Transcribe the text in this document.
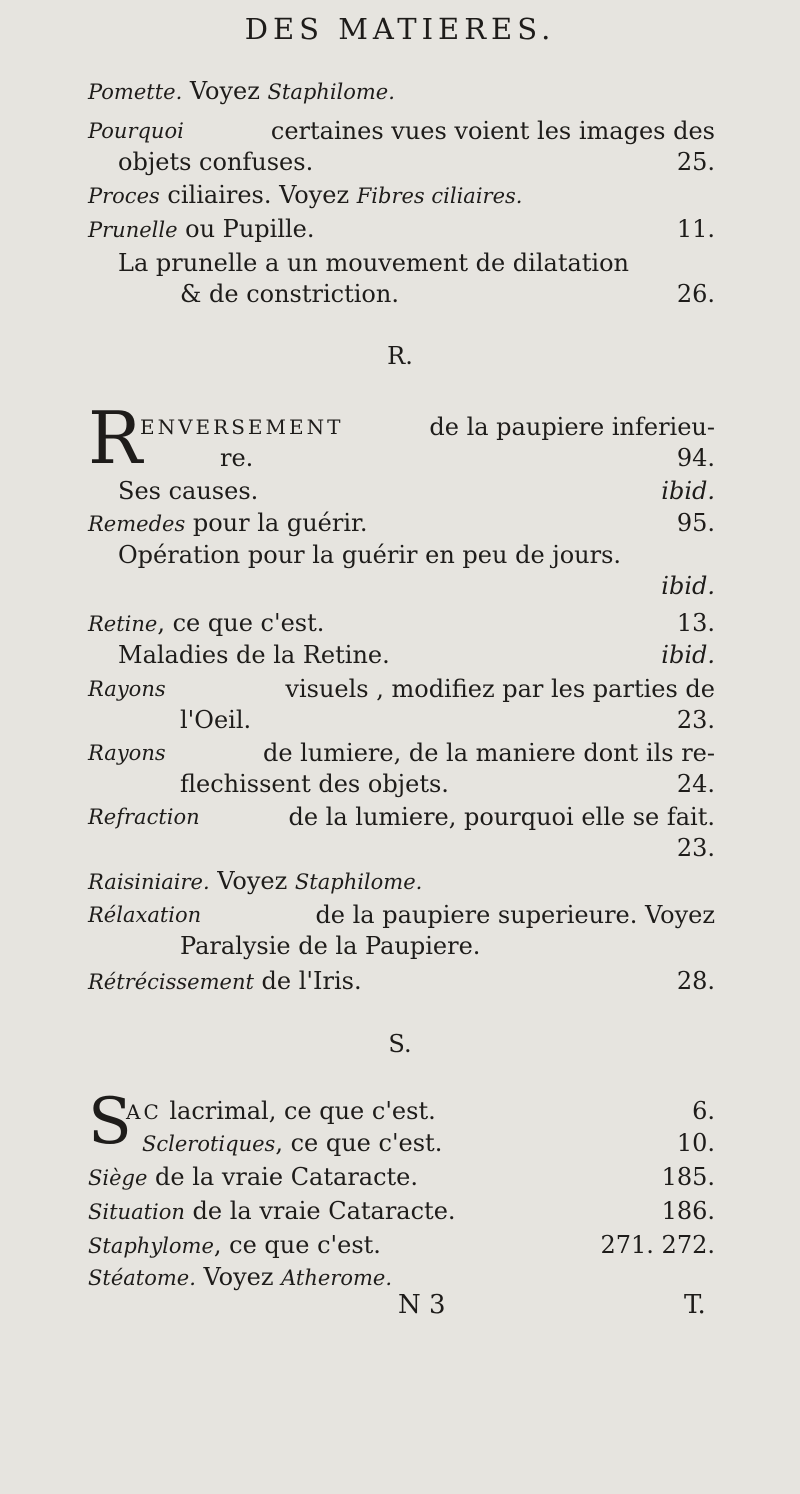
DES MATIERES.
Pomette. Voyez Staphilome.
Pourquoi	certaines vues voient les images des
objets confuses.	25.
Proces ciliaires. Voyez Fibres ciliaires.
Prunelle ou Pupille.	11.
La prunelle a un mouvement de dilatation
& de constriction.	26.
R.
R
ENVERSEMENT	de la paupiere inferieu-
re.	94.
Ses causes.	ibid.
Remedes pour la guérir.	95.
Opération pour la guérir en peu de jours.
ibid.

Retine, ce que c'est.	13.
Maladies de la Retine.	ibid.
Rayons	visuels , modifiez par les parties de
l'Oeil.	23.
Rayons	de lumiere, de la maniere dont ils re-
flechissent des objets.	24.
Refraction	de la lumiere, pourquoi elle se fait.

23.
Raisiniaire. Voyez Staphilome.
Rélaxation	de la paupiere superieure. Voyez
Paralysie de la Paupiere.
Rétrécissement de l'Iris.	28.
S.
S
AC lacrimal, ce que c'est.	6.
Sclerotiques, ce que c'est.	10.
Siège de la vraie Cataracte.	185.
Situation de la vraie Cataracte.	186.
Staphylome, ce que c'est.	271. 272.
Stéatome. Voyez Atherome.
N 3	T.
